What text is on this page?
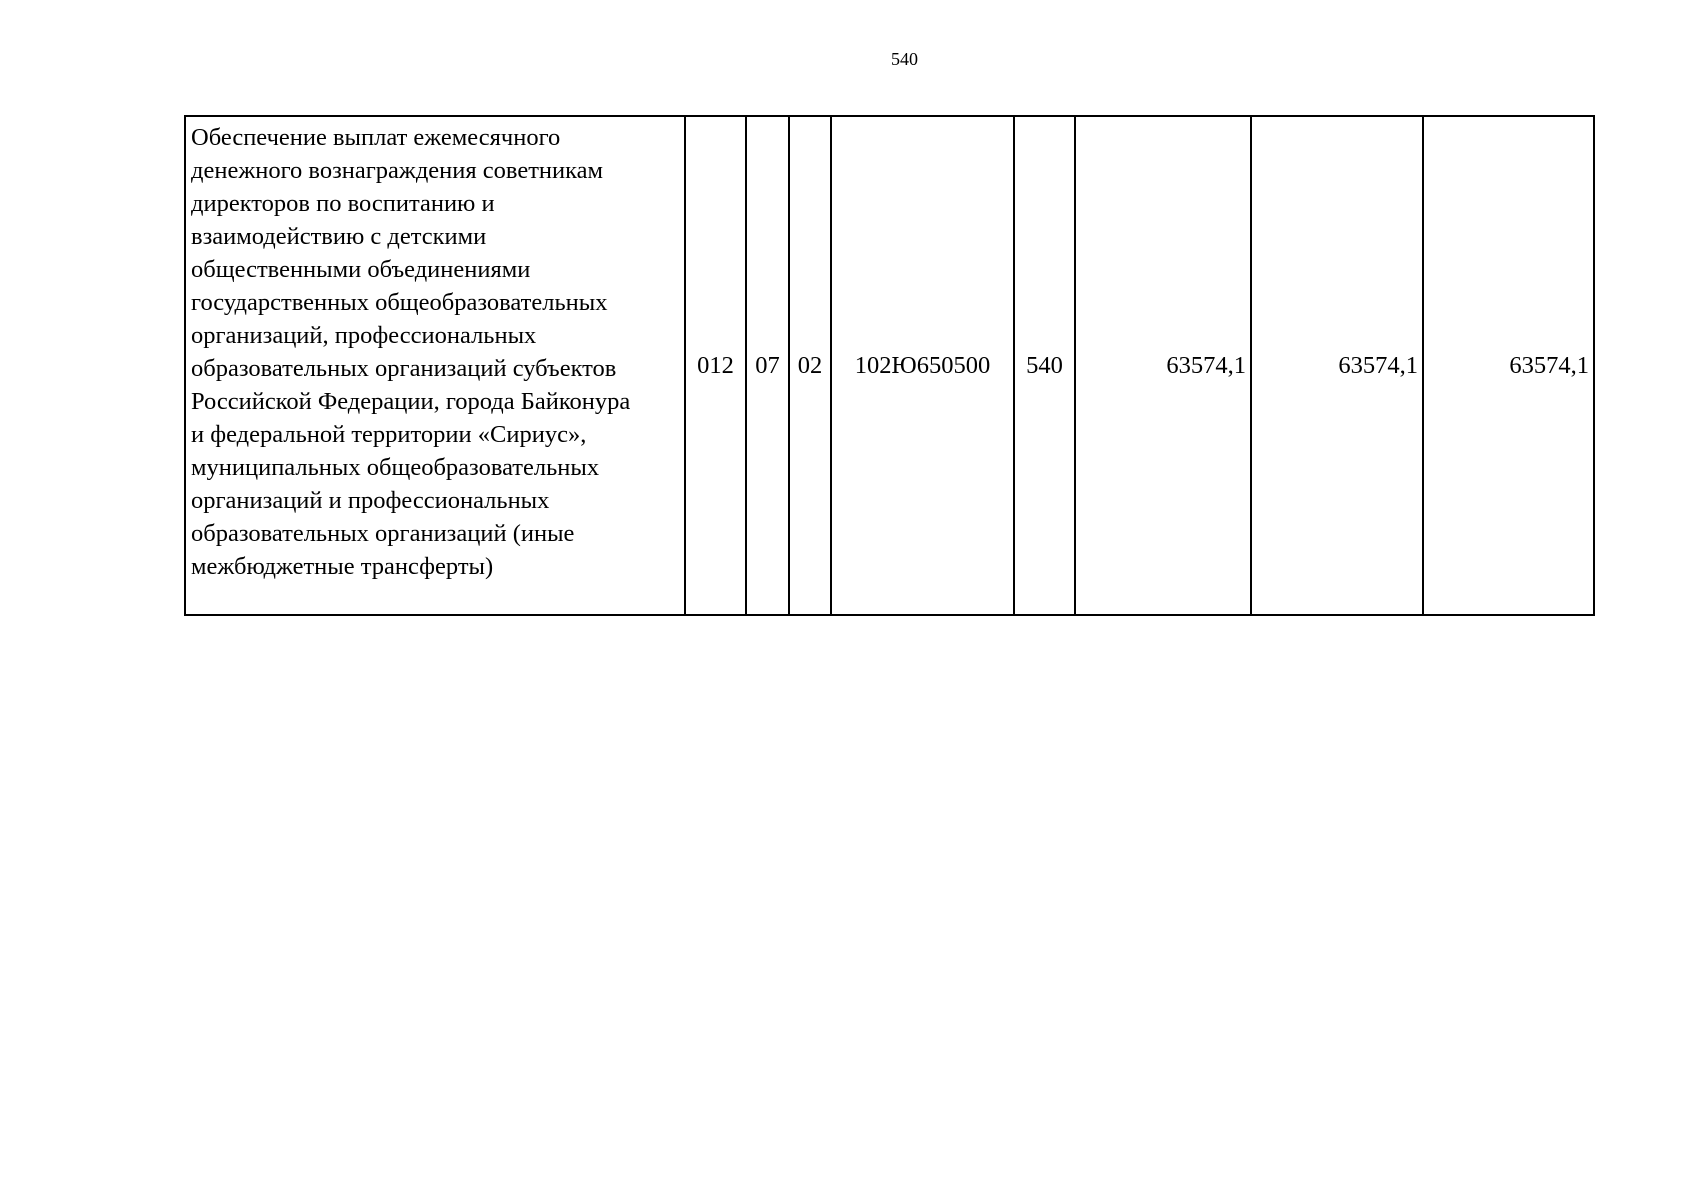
540
Обеспечение выплат ежемесячного
денежного вознаграждения советникам
директоров по воспитанию и
взаимодействию с детскими
общественными объединениями
государственных общеобразовательных
организаций, профессиональных
образовательных организаций субъектов
Российской Федерации, города Байконура
и федеральной территории «Сириус»,
муниципальных общеобразовательных
организаций и профессиональных
образовательных организаций (иные
межбюджетные трансферты)
	012	07	02	102Ю650500	540	63574,1	63574,1	63574,1
